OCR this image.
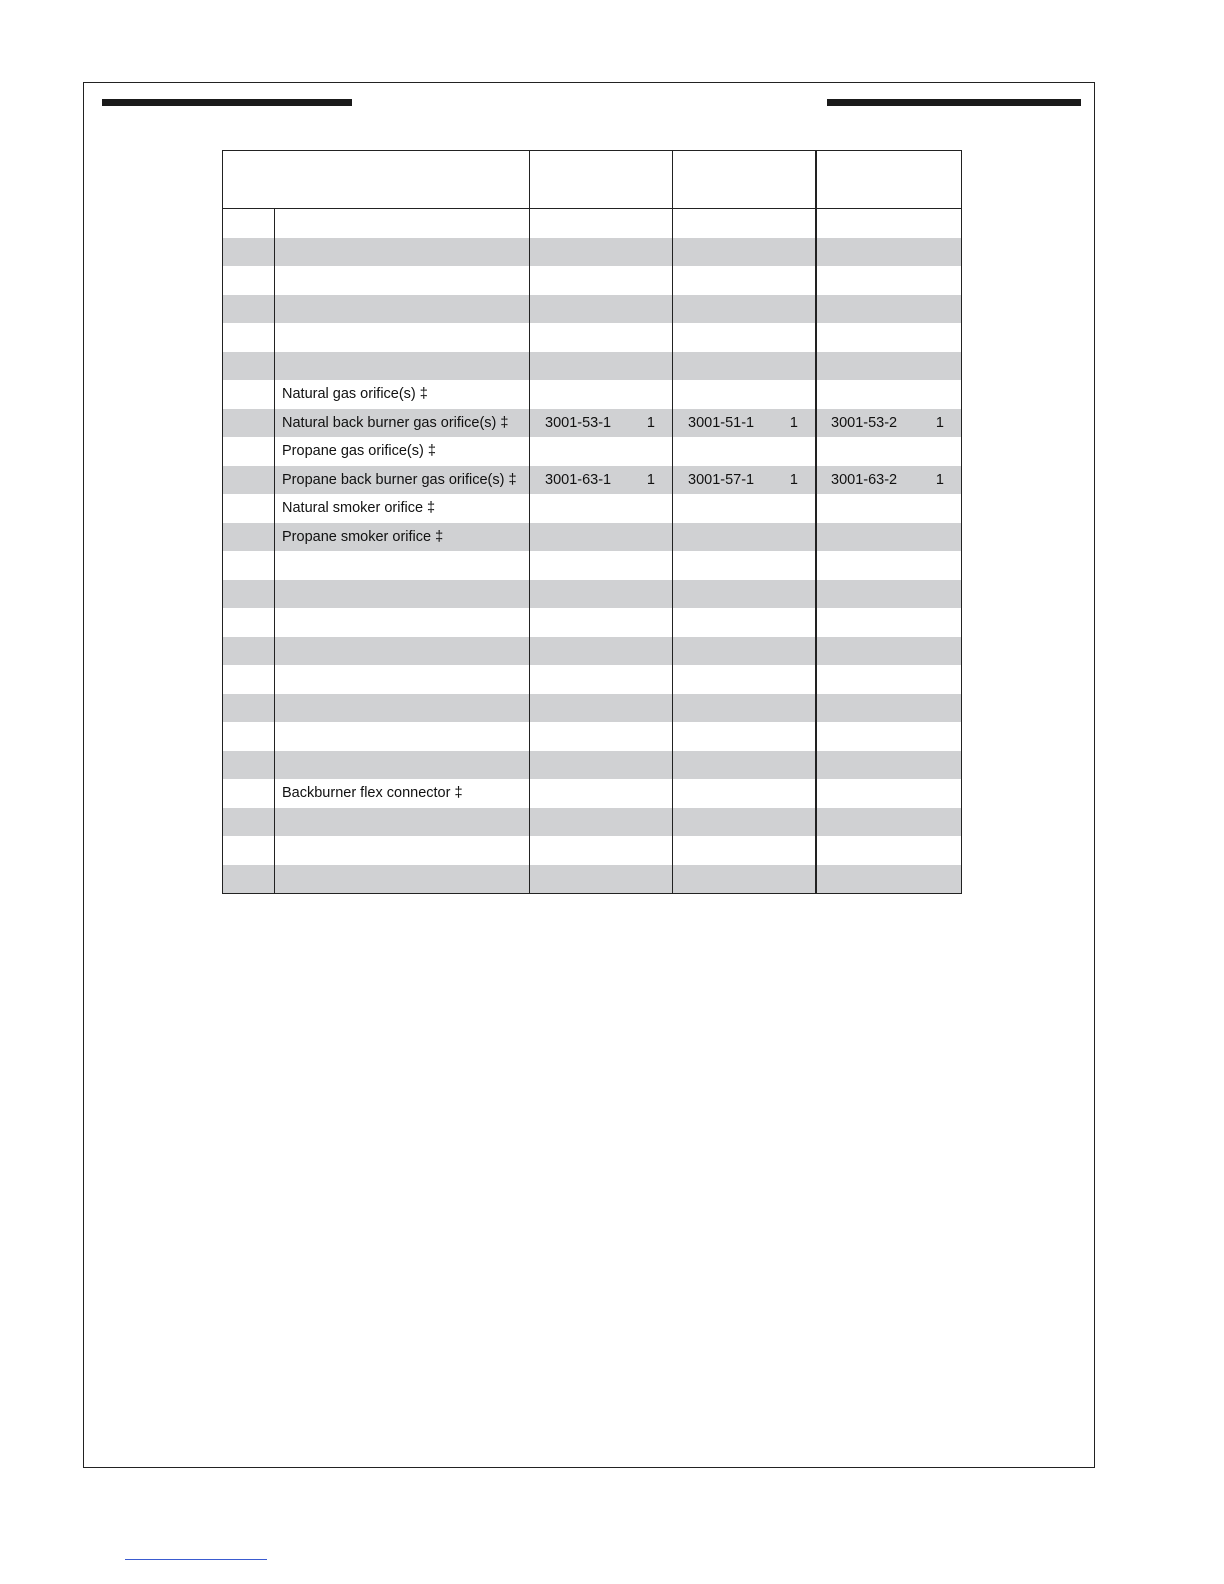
Natural gas orifice(s) ‡
Natural back burner gas orifice(s) ‡	3001-53-1 1 3001-51-1 1 3001-53-2	1
Propane gas orifice(s) ‡
Propane back burner gas orifice(s) ‡ 3001-63-1 1 3001-57-1 1 3001-63-2	1
Natural smoker orifice ‡
Propane smoker orifice ‡
Backburner flex connector ‡
